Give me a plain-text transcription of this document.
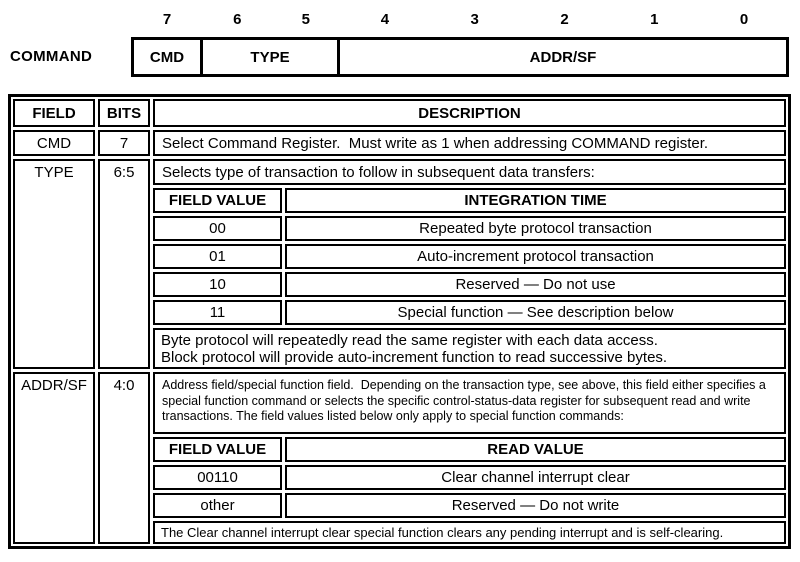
7	6	5	4	3	2	1	0
COMMAND	CMD	TYPE	ADDR/SF
FIELD	BITS	DESCRIPTION
CMD	7	Select Command Register.  Must write as 1 when addressing COMMAND register.
TYPE	6:5	Selects type of transaction to follow in subsequent data transfers:
FIELD VALUE	INTEGRATION TIME
00	Repeated byte protocol transaction
01	Auto-increment protocol transaction
10	Reserved — Do not use
11	Special function — See description below
Byte protocol will repeatedly read the same register with each data access.
Block protocol will provide auto-increment function to read successive bytes.
ADDR/SF	4:0	Address field/special function field.  Depending on the transaction type, see above, this field either specifies a special function command or selects the specific control-status-data register for subsequent read and write transactions. The field values listed below only apply to special function commands:
FIELD VALUE	READ VALUE
00110	Clear channel interrupt clear
other	Reserved — Do not write
The Clear channel interrupt clear special function clears any pending interrupt and is self-clearing.
